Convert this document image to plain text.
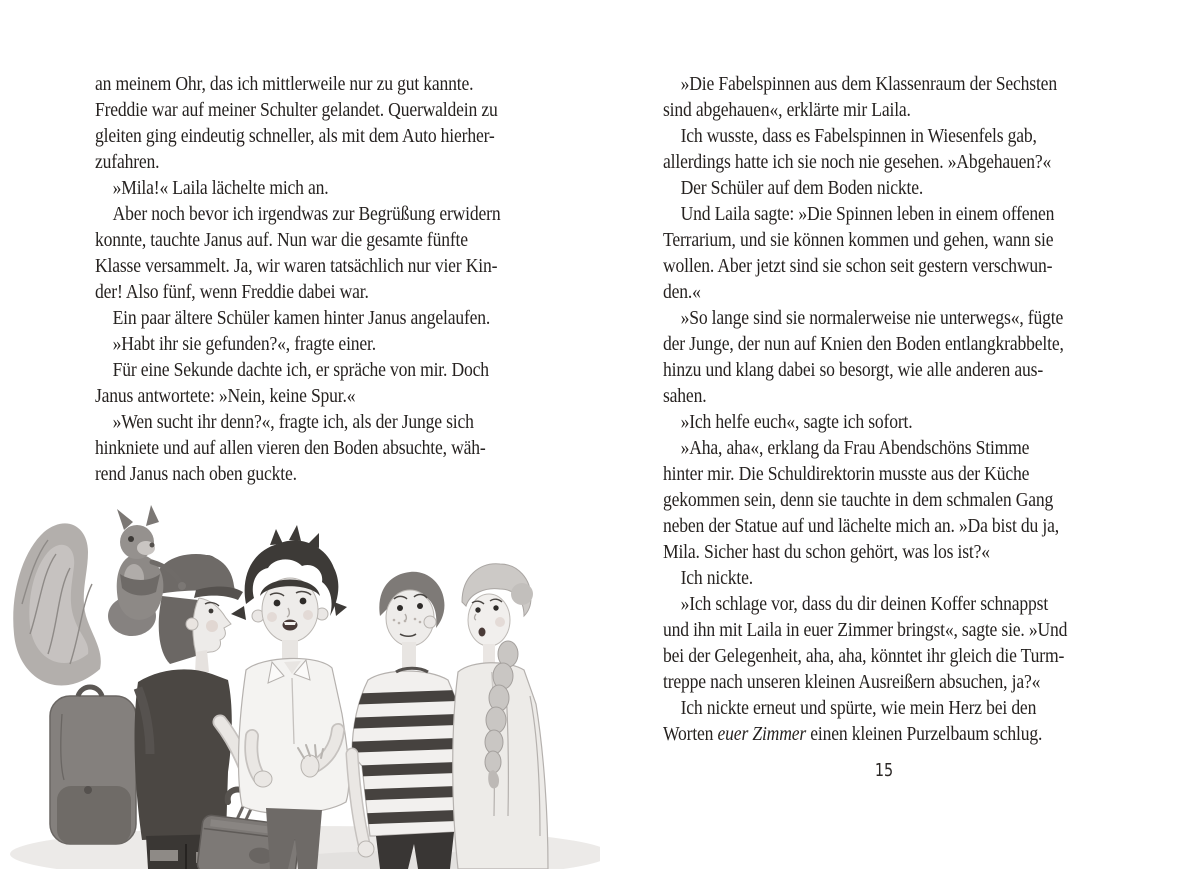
an meinem Ohr, das ich mittlerweile nur zu gut kannte.
Freddie war auf meiner Schulter gelandet. Querwaldein zu
gleiten ging eindeutig schneller, als mit dem Auto hierher-
zufahren.
»Mila!« Laila lächelte mich an.
Aber noch bevor ich irgendwas zur Begrüßung erwidern
konnte, tauchte Janus auf. Nun war die gesamte fünfte
Klasse versammelt. Ja, wir waren tatsächlich nur vier Kin-
der! Also fünf, wenn Freddie dabei war.
Ein paar ältere Schüler kamen hinter Janus angelaufen.
»Habt ihr sie gefunden?«, fragte einer.
Für eine Sekunde dachte ich, er spräche von mir. Doch
Janus antwortete: »Nein, keine Spur.«
»Wen sucht ihr denn?«, fragte ich, als der Junge sich
hinkniete und auf allen vieren den Boden absuchte, wäh-
rend Janus nach oben guckte.
»Die Fabelspinnen aus dem Klassenraum der Sechsten
sind abgehauen«, erklärte mir Laila.
Ich wusste, dass es Fabelspinnen in Wiesenfels gab,
allerdings hatte ich sie noch nie gesehen. »Abgehauen?«
Der Schüler auf dem Boden nickte.
Und Laila sagte: »Die Spinnen leben in einem offenen
Terrarium, und sie können kommen und gehen, wann sie
wollen. Aber jetzt sind sie schon seit gestern verschwun-
den.«
»So lange sind sie normalerweise nie unterwegs«, fügte
der Junge, der nun auf Knien den Boden entlangkrabbelte,
hinzu und klang dabei so besorgt, wie alle anderen aus-
sahen.
»Ich helfe euch«, sagte ich sofort.
»Aha, aha«, erklang da Frau Abendschöns Stimme
hinter mir. Die Schuldirektorin musste aus der Küche
gekommen sein, denn sie tauchte in dem schmalen Gang
neben der Statue auf und lächelte mich an. »Da bist du ja,
Mila. Sicher hast du schon gehört, was los ist?«
Ich nickte.
»Ich schlage vor, dass du dir deinen Koffer schnappst
und ihn mit Laila in euer Zimmer bringst«, sagte sie. »Und
bei der Gelegenheit, aha, aha, könntet ihr gleich die Turm-
treppe nach unseren kleinen Ausreißern absuchen, ja?«
Ich nickte erneut und spürte, wie mein Herz bei den
Worten euer Zimmer einen kleinen Purzelbaum schlug.
15
